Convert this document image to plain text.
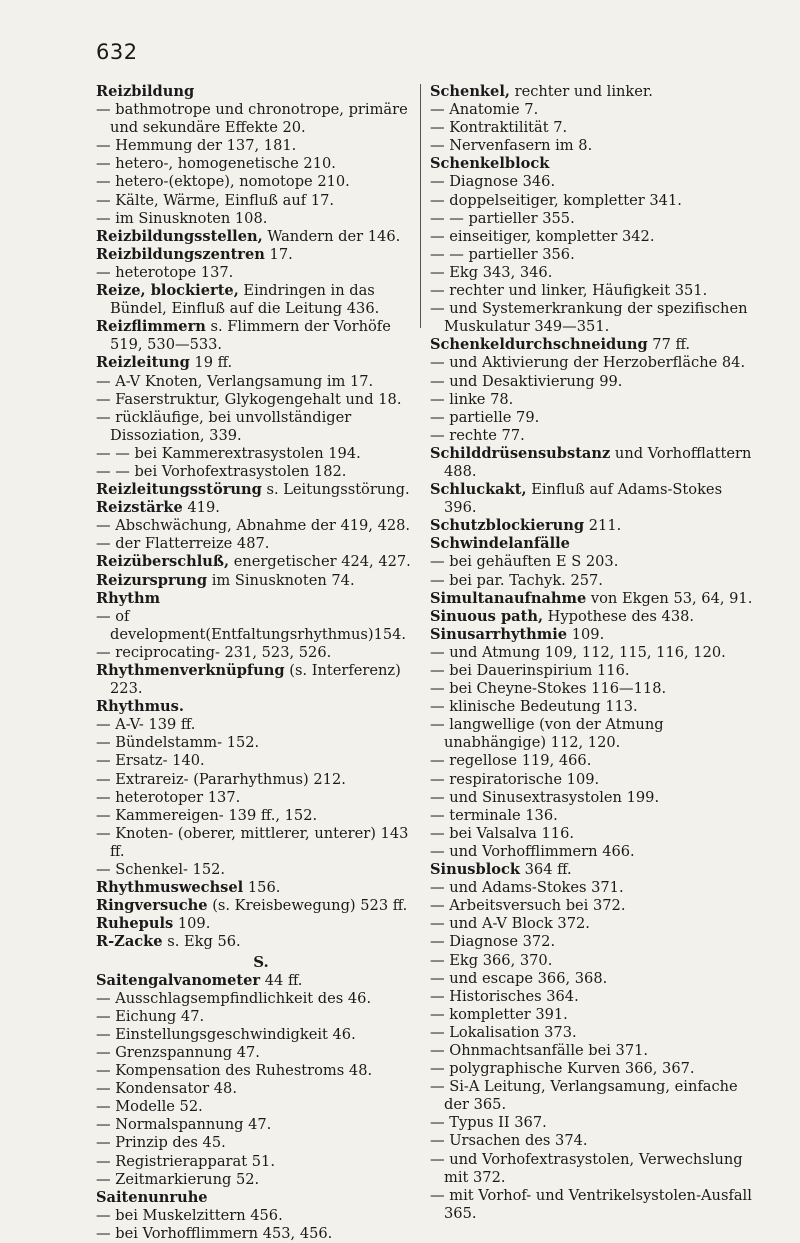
632

Reizbildung

— bathmotrope und chronotrope, primäre und sekundäre Effekte 20.

— Hemmung der 137, 181.

— hetero-, homogenetische 210.

— hetero-(ektope), nomotope 210.

— Kälte, Wärme, Einfluß auf 17.

— im Sinusknoten 108.

Reizbildungsstellen, Wandern der 146.

Reizbildungszentren 17.

— heterotope 137.

Reize, blockierte, Eindringen in das Bündel, Einfluß auf die Leitung 436.

Reizflimmern s. Flimmern der Vorhöfe 519, 530—533.

Reizleitung 19 ff.

— A-V Knoten, Verlangsamung im 17.

— Faserstruktur, Glykogengehalt und 18.

— rückläufige, bei unvollständiger Dissoziation, 339.

— — bei Kammerextrasystolen 194.

— — bei Vorhofextrasystolen 182.

Reizleitungsstörung s. Leitungsstörung.

Reizstärke 419.

— Abschwächung, Abnahme der 419, 428.

— der Flatterreize 487.

Reizüberschluß, energetischer 424, 427.

Reizursprung im Sinusknoten 74.

Rhythm

— of development(Entfaltungsrhythmus)154.

— reciprocating- 231, 523, 526.

Rhythmenverknüpfung (s. Interferenz) 223.

Rhythmus.

— A-V- 139 ff.

— Bündelstamm- 152.

— Ersatz- 140.

— Extrareiz- (Pararhythmus) 212.

— heterotoper 137.

— Kammereigen- 139 ff., 152.

— Knoten- (oberer, mittlerer, unterer) 143 ff.

— Schenkel- 152.

Rhythmuswechsel 156.

Ringversuche (s. Kreisbewegung) 523 ff.

Ruhepuls 109.

R-Zacke s. Ekg 56.

S.

Saitengalvanometer 44 ff.

— Ausschlagsempfindlichkeit des 46.

— Eichung 47.

— Einstellungsgeschwindigkeit 46.

— Grenzspannung 47.

— Kompensation des Ruhestroms 48.

— Kondensator 48.

— Modelle 52.

— Normalspannung 47.

— Prinzip des 45.

— Registrierapparat 51.

— Zeitmarkierung 52.

Saitenunruhe

— bei Muskelzittern 456.

— bei Vorhofflimmern 453, 456.

Schenkel, rechter und linker.

— Anatomie 7.

— Kontraktilität 7.

— Nervenfasern im 8.

Schenkelblock

— Diagnose 346.

— doppelseitiger, kompletter 341.

— — partieller 355.

— einseitiger, kompletter 342.

— — partieller 356.

— Ekg 343, 346.

— rechter und linker, Häufigkeit 351.

— und Systemerkrankung der spezifischen Muskulatur 349—351.

Schenkeldurchschneidung 77 ff.

— und Aktivierung der Herzoberfläche 84.

— und Desaktivierung 99.

— linke 78.

— partielle 79.

— rechte 77.

Schilddrüsensubstanz und Vorhofflattern 488.

Schluckakt, Einfluß auf Adams-Stokes 396.

Schutzblockierung 211.

Schwindelanfälle

— bei gehäuften E S 203.

— bei par. Tachyk. 257.

Simultanaufnahme von Ekgen 53, 64, 91.

Sinuous path, Hypothese des 438.

Sinusarrhythmie 109.

— und Atmung 109, 112, 115, 116, 120.

— bei Dauerinspirium 116.

— bei Cheyne-Stokes 116—118.

— klinische Bedeutung 113.

— langwellige (von der Atmung unabhängige) 112, 120.

— regellose 119, 466.

— respiratorische 109.

— und Sinusextrasystolen 199.

— terminale 136.

— bei Valsalva 116.

— und Vorhofflimmern 466.

Sinusblock 364 ff.

— und Adams-Stokes 371.

— Arbeitsversuch bei 372.

— und A-V Block 372.

— Diagnose 372.

— Ekg 366, 370.

— und escape 366, 368.

— Historisches 364.

— kompletter 391.

— Lokalisation 373.

— Ohnmachtsanfälle bei 371.

— polygraphische Kurven 366, 367.

— Si-A Leitung, Verlangsamung, einfache der 365.

— Typus II 367.

— Ursachen des 374.

— und Vorhofextrasystolen, Verwechslung mit 372.

— mit Vorhof- und Ventrikelsystolen-Ausfall 365.
